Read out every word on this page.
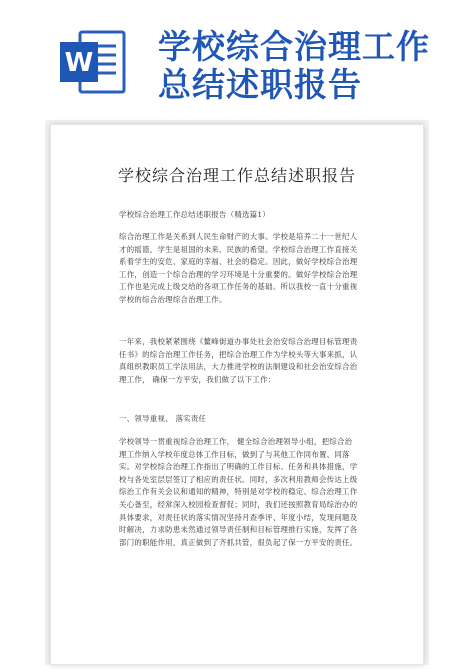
W 学校综合治理工作
总结述职报告
学校综合治理工作总结述职报告
学校综合治理工作总结述职报告（精选篇1）
综合治理工作是关系到人民生命财产的大事。学校是培养二十一世纪人才的摇篮，学生是祖国的未来、民族的希望。学校综合治理工作直接关系着学生的安危、家庭的幸福、社会的稳定。因此，做好学校综合治理工作，创造一个综合治理的学习环境是十分重要的。做好学校综合治理工作也是完成上级交给的各项工作任务的基础。所以我校一直十分重视学校的综合治理综合治理工作。
一年来，我校紧紧围绕《鳌峰街道办事处社会治安综合治理目标管理责任书》的综合治理工作任务，把综合治理工作为学校头等大事来抓，认真组织教职员工学法用法，大力推进学校的法制建设和社会治安综合治理工作， 确保一方平安，我们做了以下工作：
一、领导重视、 落实责任
学校领导一贯重视综合治理工作， 健全综合治理领导小组，把综合治理工作纳入学校年度总体工作目标，做到了与其他工作同布置、同落实。对学校综合治理工作指出了明确的工作目标、任务和具体措施，学校与各处室层层签订了相应的责任状。同时，多次利用教师会传达上级综治工作有关会议和通知的精神，特别是对学校的稳定、综合治理工作关心备至，经常深入校园检查督促；同时，我们还按照教育局综治办的具体要求，对责任状的落实情况坚持月查季评、年度小结，发现问题及时解决，力求防患未然通过领导责任制和目标管理推行实施，发挥了各部门的职能作用，真正做到了齐抓共管，很负起了保一方平安的责任。
